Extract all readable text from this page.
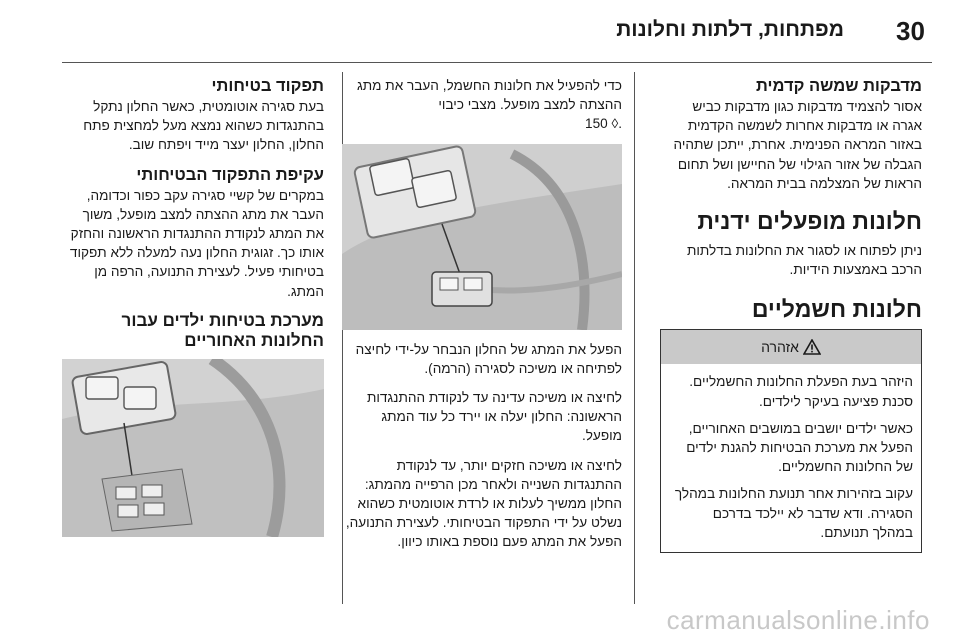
30
מפתחות, דלתות וחלונות
מדבקות שמשה קדמית
אסור להצמיד מדבקות כגון מדבקות כביש אגרה או מדבקות אחרות לשמשה הקדמית באזור המראה הפנימית. אחרת, ייתכן שתהיה הגבלה של אזור הגילוי של החיישן ושל תחום הראות של המצלמה בבית המראה.
חלונות מופעלים ידנית
ניתן לפתוח או לסגור את החלונות בדלתות הרכב באמצעות הידיות.
חלונות חשמליים
אזהרה
היזהר בעת הפעלת החלונות החשמליים. סכנת פציעה בעיקר לילדים.
כאשר ילדים יושבים במושבים האחוריים, הפעל את מערכת הבטיחות להגנת ילדים של החלונות החשמליים.
עקוב בזהירות אחר תנועת החלונות במהלך הסגירה. ודא שדבר לא יילכד בדרכם במהלך תנועתם.
כדי להפעיל את חלונות החשמל, העבר את מתג ההצתה למצב מופעל. מצבי כיבוי
150 ◊.
הפעל את המתג של החלון הנבחר על-ידי לחיצה לפתיחה או משיכה לסגירה (הרמה).
לחיצה או משיכה עדינה עד לנקודת ההתנגדות הראשונה: החלון יעלה או יירד כל עוד המתג מופעל.
לחיצה או משיכה חזקים יותר, עד לנקודת ההתנגדות השנייה ולאחר מכן הרפייה מהמתג: החלון ממשיך לעלות או לרדת אוטומטית כשהוא נשלט על ידי התפקוד הבטיחותי. לעצירת התנועה, הפעל את המתג פעם נוספת באותו כיוון.
תפקוד בטיחותי
בעת סגירה אוטומטית, כאשר החלון נתקל בהתנגדות כשהוא נמצא מעל למחצית פתח החלון, החלון יעצר מייד ויפתח שוב.
עקיפת התפקוד הבטיחותי
במקרים של קשיי סגירה עקב כפור וכדומה, העבר את מתג ההצתה למצב מופעל, משוך את המתג לנקודת ההתנגדות הראשונה והחזק אותו כך. זגוגית החלון נעה למעלה ללא תפקוד בטיחותי פעיל. לעצירת התנועה, הרפה מן המתג.
מערכת בטיחות ילדים עבור החלונות האחוריים
carmanualsonline.info
